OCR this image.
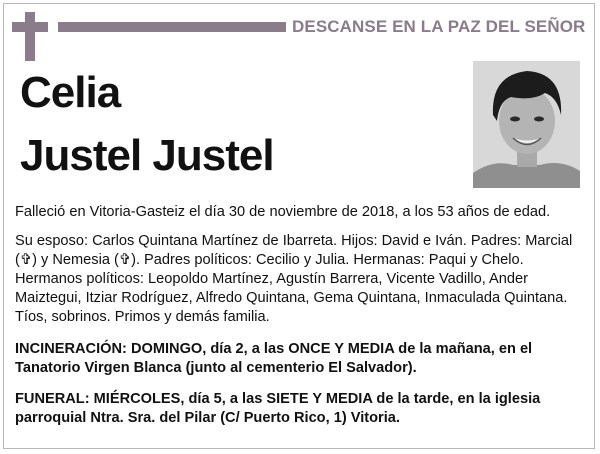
DESCANSE EN LA PAZ DEL SEÑOR
Celia
Justel Justel
Falleció en Vitoria-Gasteiz el día 30 de noviembre de 2018, a los 53 años de edad.
Su esposo: Carlos Quintana Martínez de Ibarreta. Hijos: David e Iván. Padres: Marcial (✞) y Nemesia (✞). Padres políticos: Cecilio y Julia. Hermanas: Paqui y Chelo. Hermanos políticos: Leopoldo Martínez, Agustín Barrera, Vicente Vadillo, Ander Maiztegui, Itziar Rodríguez, Alfredo Quintana, Gema Quintana, Inmaculada Quintana. Tíos, sobrinos. Primos y demás familia.
INCINERACIÓN: DOMINGO, día 2, a las ONCE Y MEDIA de la mañana, en el Tanatorio Virgen Blanca (junto al cementerio El Salvador).
FUNERAL: MIÉRCOLES, día 5, a las SIETE Y MEDIA de la tarde, en la iglesia parroquial Ntra. Sra. del Pilar (C/ Puerto Rico, 1) Vitoria.
